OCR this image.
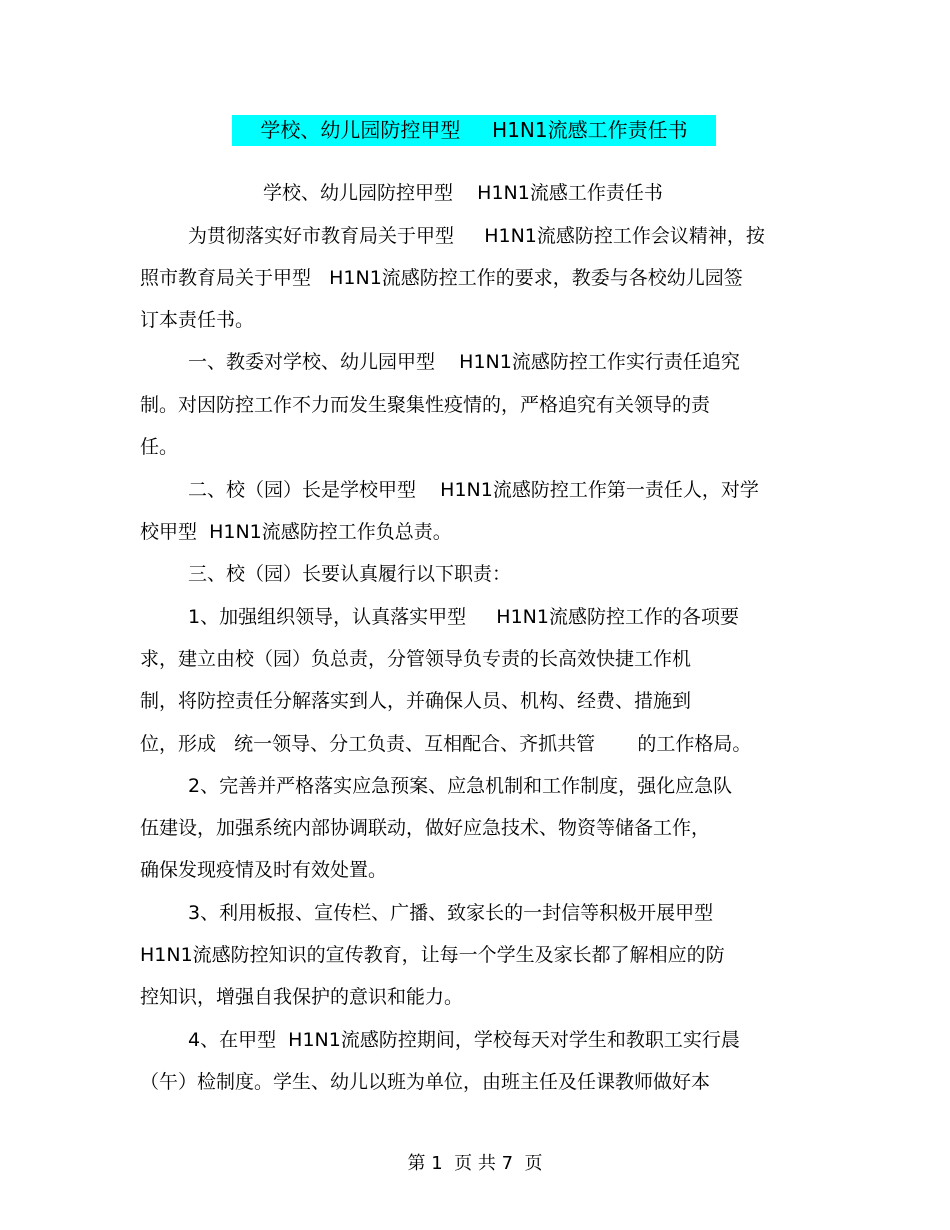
学校、幼儿园防控甲型     H1N1流感工作责任书
学校、幼儿园防控甲型    H1N1流感工作责任书
为贯彻落实好市教育局关于甲型     H1N1流感防控工作会议精神，按
照市教育局关于甲型   H1N1流感防控工作的要求，教委与各校幼儿园签
订本责任书。
一、教委对学校、幼儿园甲型    H1N1流感防控工作实行责任追究
制。对因防控工作不力而发生聚集性疫情的，严格追究有关领导的责
任。
二、校（园）长是学校甲型    H1N1流感防控工作第一责任人，对学
校甲型  H1N1流感防控工作负总责。
三、校（园）长要认真履行以下职责：
1、加强组织领导，认真落实甲型     H1N1流感防控工作的各项要
求，建立由校（园）负总责，分管领导负专责的长高效快捷工作机
制，将防控责任分解落实到人，并确保人员、机构、经费、措施到
位，形成   统一领导、分工负责、互相配合、齐抓共管       的工作格局。
2、完善并严格落实应急预案、应急机制和工作制度，强化应急队
伍建设，加强系统内部协调联动，做好应急技术、物资等储备工作，
确保发现疫情及时有效处置。
3、利用板报、宣传栏、广播、致家长的一封信等积极开展甲型
H1N1流感防控知识的宣传教育，让每一个学生及家长都了解相应的防
控知识，增强自我保护的意识和能力。
4、在甲型  H1N1流感防控期间，学校每天对学生和教职工实行晨
（午）检制度。学生、幼儿以班为单位，由班主任及任课教师做好本
第 1  页 共 7  页
